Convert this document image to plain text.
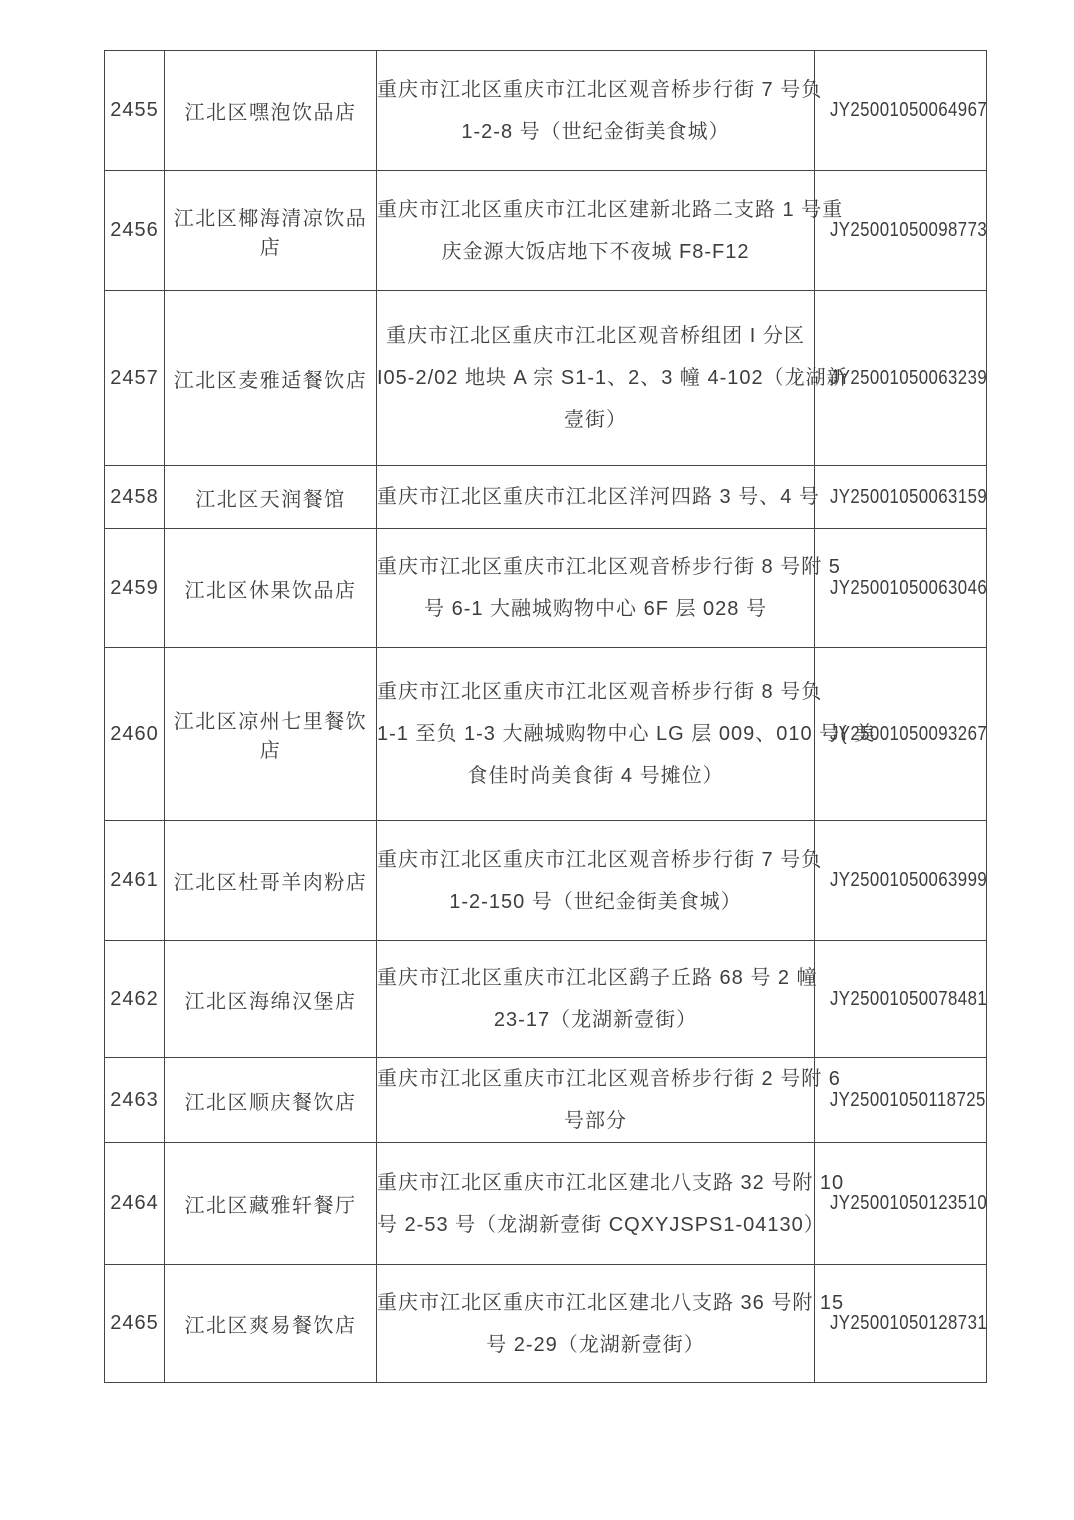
2455	江北区嘿泡饮品店	重庆市江北区重庆市江北区观音桥步行街 7 号负
1-2-8 号（世纪金街美食城）	JY25001050064967
2456	江北区椰海清凉饮品店	重庆市江北区重庆市江北区建新北路二支路 1 号重
庆金源大饭店地下不夜城 F8-F12	JY25001050098773
2457	江北区麦雅适餐饮店	重庆市江北区重庆市江北区观音桥组团 I 分区
I05-2/02 地块 A 宗 S1-1、2、3 幢 4-102（龙湖新
壹街）	JY25001050063239
2458	江北区天润餐馆	重庆市江北区重庆市江北区洋河四路 3 号、4 号	JY25001050063159
2459	江北区休果饮品店	重庆市江北区重庆市江北区观音桥步行街 8 号附 5
号 6-1 大融城购物中心 6F 层 028 号	JY25001050063046
2460	江北区凉州七里餐饮店	重庆市江北区重庆市江北区观音桥步行街 8 号负
1-1 至负 1-3 大融城购物中心 LG 层 009、010 号( 美
食佳时尚美食街 4 号摊位）	JY25001050093267
2461	江北区杜哥羊肉粉店	重庆市江北区重庆市江北区观音桥步行街 7 号负
1-2-150 号（世纪金街美食城）	JY25001050063999
2462	江北区海绵汉堡店	重庆市江北区重庆市江北区鹞子丘路 68 号 2 幢
23-17（龙湖新壹街）	JY25001050078481
2463	江北区顺庆餐饮店	重庆市江北区重庆市江北区观音桥步行街 2 号附 6
号部分	JY25001050118725
2464	江北区藏雅轩餐厅	重庆市江北区重庆市江北区建北八支路 32 号附 10
号 2-53 号（龙湖新壹街 CQXYJSPS1-04130）	JY25001050123510
2465	江北区爽易餐饮店	重庆市江北区重庆市江北区建北八支路 36 号附 15
号 2-29（龙湖新壹街）	JY25001050128731
